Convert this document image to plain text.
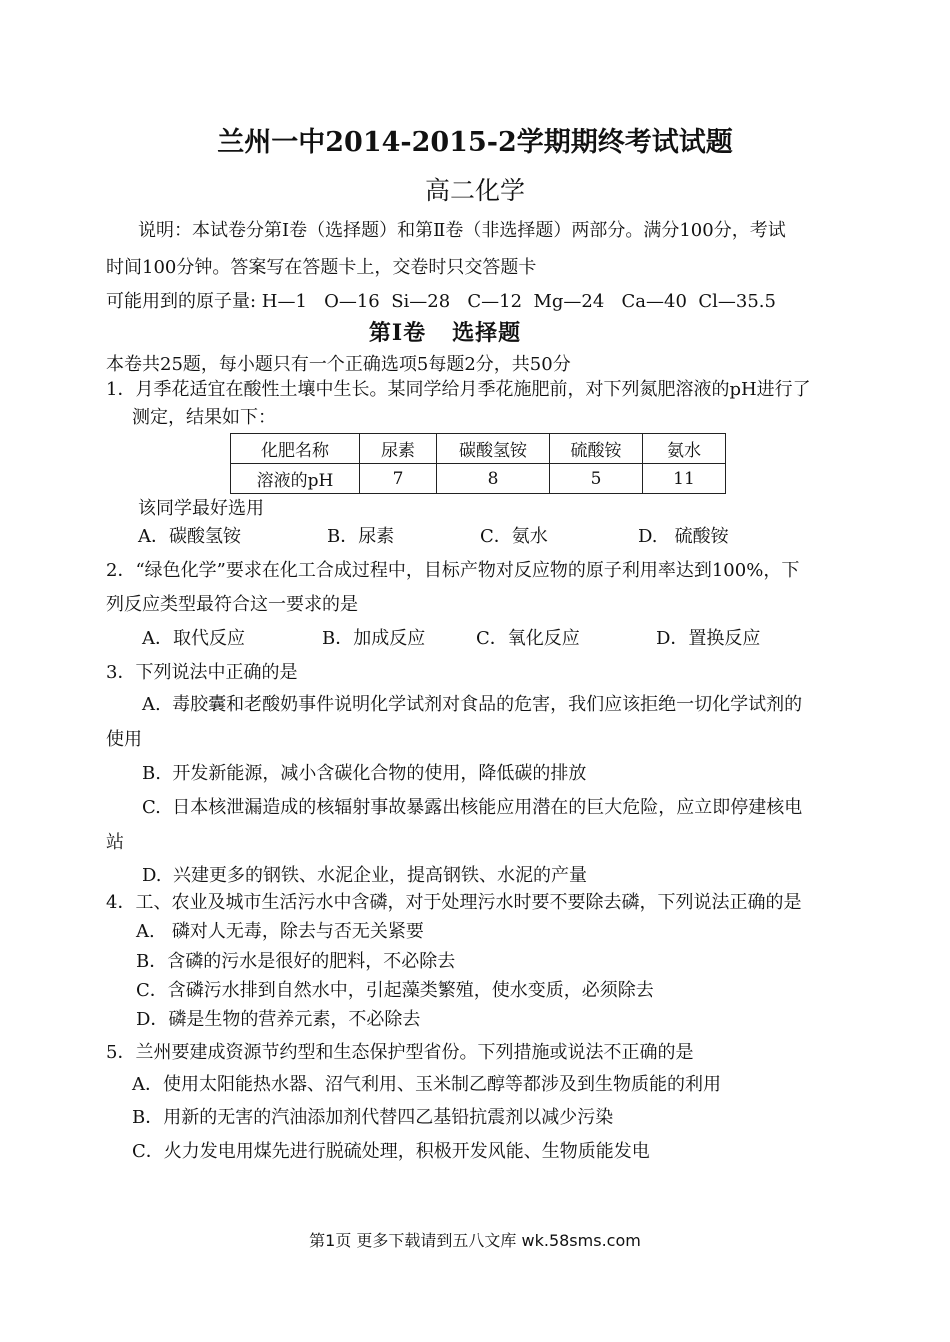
兰州一中2014-2015-2学期期终考试试题
高二化学
说明：本试卷分第Ⅰ卷（选择题）和第Ⅱ卷（非选择题）两部分。满分100分，考试
时间100分钟。答案写在答题卡上，交卷时只交答题卡
可能用到的原子量: H—1   O—16  Si—28   C—12  Mg—24   Ca—40  Cl—35.5
第Ⅰ卷   选择题
本卷共25题，每小题只有一个正确选项5每题2分，共50分
1．月季花适宜在酸性土壤中生长。某同学给月季花施肥前，对下列氮肥溶液的pH进行了
测定，结果如下：
化肥名称	尿素	碳酸氢铵	硫酸铵	氨水
溶液的pH	7	8	5	11
该同学最好选用
A．碳酸氢铵	B．尿素	C．氨水	D.   硫酸铵
2．“绿色化学”要求在化工合成过程中，目标产物对反应物的原子利用率达到100%，下
列反应类型最符合这一要求的是
A．取代反应	B．加成反应	C．氧化反应	D．置换反应
3．下列说法中正确的是
A.  毒胶囊和老酸奶事件说明化学试剂对食品的危害，我们应该拒绝一切化学试剂的
使用
B.  开发新能源，减小含碳化合物的使用，降低碳的排放
C.  日本核泄漏造成的核辐射事故暴露出核能应用潜在的巨大危险，应立即停建核电
站
D.  兴建更多的钢铁、水泥企业，提高钢铁、水泥的产量
4．工、农业及城市生活污水中含磷，对于处理污水时要不要除去磷，下列说法正确的是
A.   磷对人无毒，除去与否无关紧要
B．含磷的污水是很好的肥料，不必除去
C．含磷污水排到自然水中，引起藻类繁殖，使水变质，必须除去
D．磷是生物的营养元素，不必除去
5．兰州要建成资源节约型和生态保护型省份。下列措施或说法不正确的是
A．使用太阳能热水器、沼气利用、玉米制乙醇等都涉及到生物质能的利用
B．用新的无害的汽油添加剂代替四乙基铅抗震剂以减少污染
C．火力发电用煤先进行脱硫处理，积极开发风能、生物质能发电
第1页 更多下载请到五八文库 wk.58sms.com
